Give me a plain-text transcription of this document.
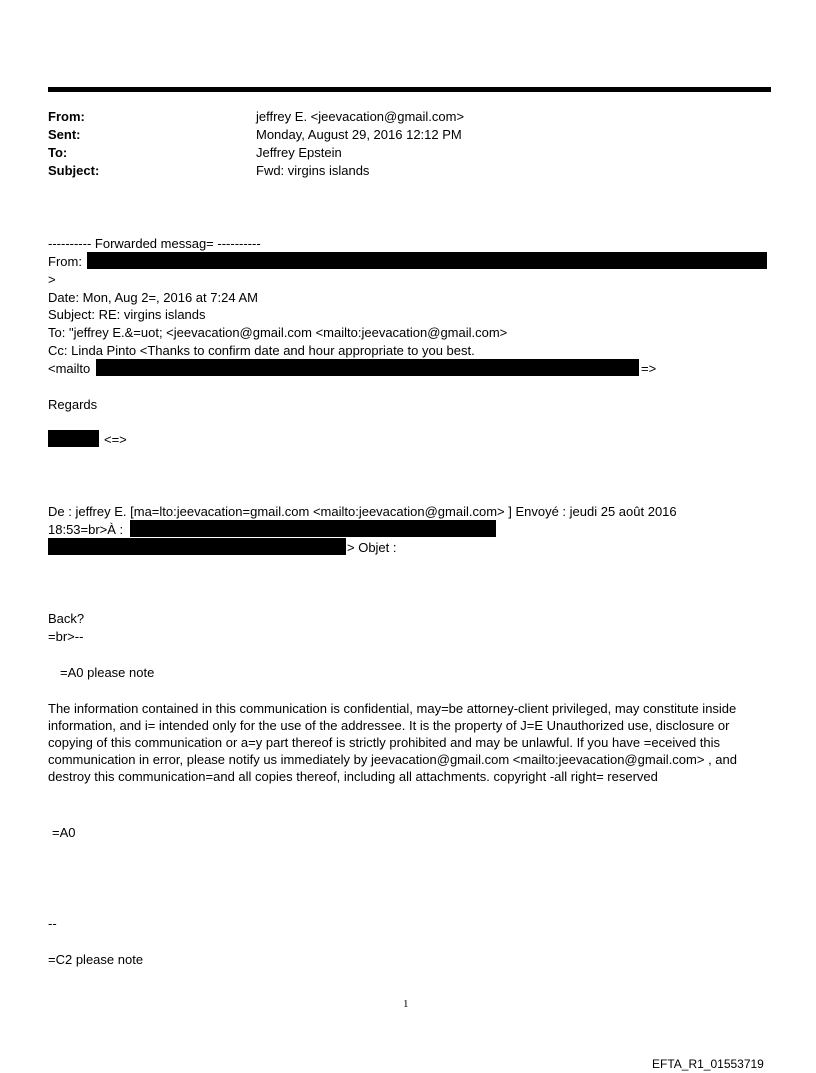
From:	jeffrey E. <jeevacation@gmail.com>
Sent:	Monday, August 29, 2016 12:12 PM
To:	Jeffrey Epstein
Subject:	Fwd: virgins islands
---------- Forwarded messag= ----------
From:
>
Date: Mon, Aug 2=, 2016 at 7:24 AM
Subject: RE: virgins islands
To: "jeffrey E.&=uot; <jeevacation@gmail.com <mailto:jeevacation@gmail.com>
Cc: Linda Pinto <Thanks to confirm date and hour appropriate to you best.
<mailto	=>
Regards
<=>
De : jeffrey E. [ma=lto:jeevacation=gmail.com <mailto:jeevacation@gmail.com> ] Envoyé : jeudi 25 août 2016
18:53=br>À :
> Objet :
Back?
=br>--
=A0 please note
The information contained in this communication is confidential, may=be attorney-client privileged, may constitute inside information, and i= intended only for the use of the addressee. It is the property of J=E Unauthorized use, disclosure or copying of this communication or a=y part thereof is strictly prohibited and may be unlawful. If you have =eceived this communication in error, please notify us immediately by jeevacation@gmail.com <mailto:jeevacation@gmail.com> , and destroy this communication=and all copies thereof, including all attachments. copyright -all right= reserved
=A0
--
=C2 please note
1
EFTA_R1_01553719
